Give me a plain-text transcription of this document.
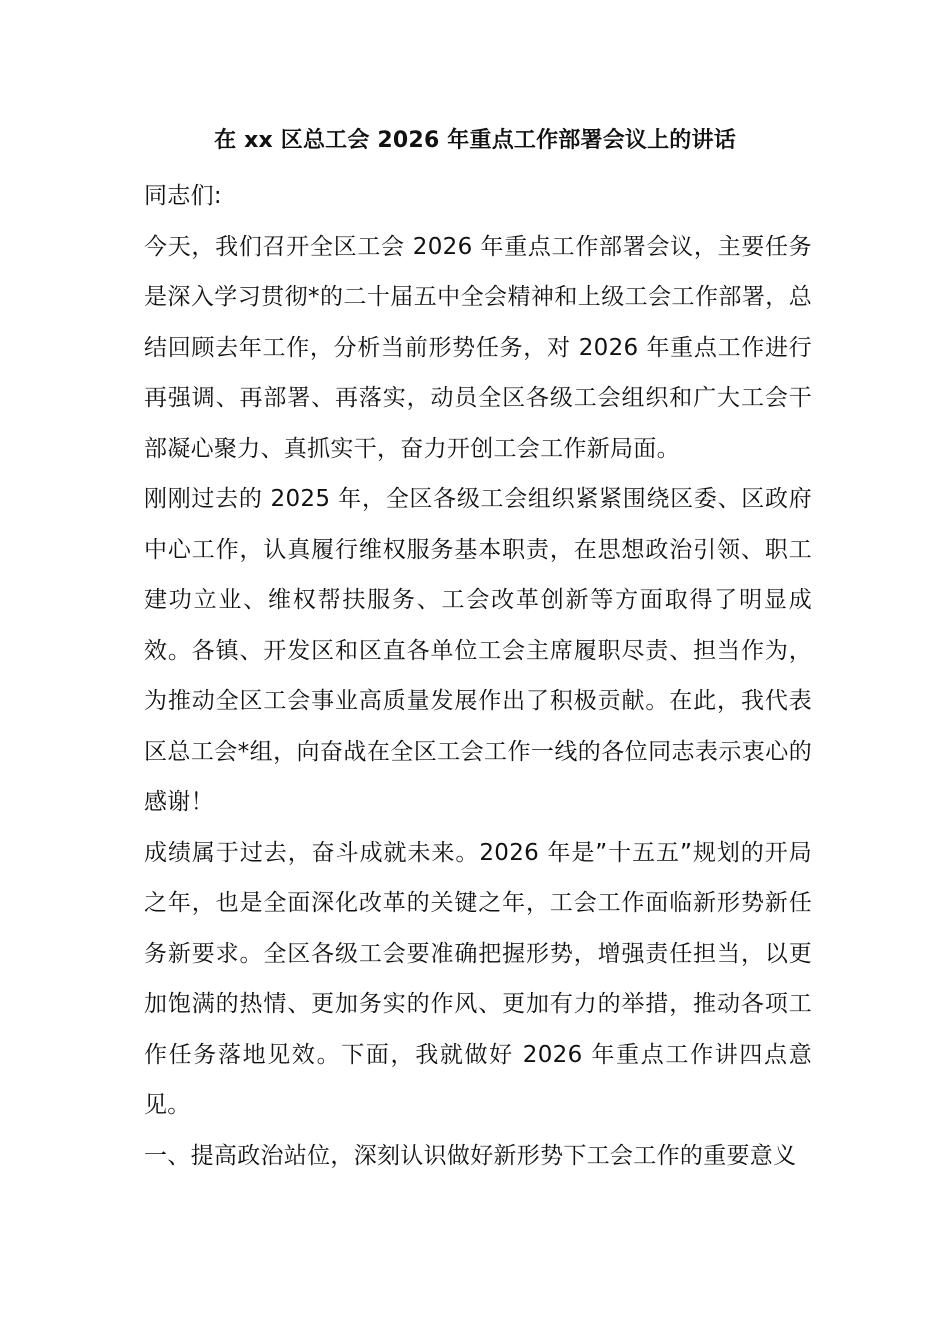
在 xx 区总工会 2026 年重点工作部署会议上的讲话

同志们:

今天，我们召开全区工会 2026 年重点工作部署会议，主要任务是深入学习贯彻*的二十届五中全会精神和上级工会工作部署，总结回顾去年工作，分析当前形势任务，对 2026 年重点工作进行再强调、再部署、再落实，动员全区各级工会组织和广大工会干部凝心聚力、真抓实干，奋力开创工会工作新局面。

刚刚过去的 2025 年，全区各级工会组织紧紧围绕区委、区政府中心工作，认真履行维权服务基本职责，在思想政治引领、职工建功立业、维权帮扶服务、工会改革创新等方面取得了明显成效。各镇、开发区和区直各单位工会主席履职尽责、担当作为，为推动全区工会事业高质量发展作出了积极贡献。在此，我代表区总工会*组，向奋战在全区工会工作一线的各位同志表示衷心的感谢！

成绩属于过去，奋斗成就未来。2026 年是”十五五”规划的开局之年，也是全面深化改革的关键之年，工会工作面临新形势新任务新要求。全区各级工会要准确把握形势，增强责任担当，以更加饱满的热情、更加务实的作风、更加有力的举措，推动各项工作任务落地见效。下面，我就做好 2026 年重点工作讲四点意见。

一、提高政治站位，深刻认识做好新形势下工会工作的重要意义
